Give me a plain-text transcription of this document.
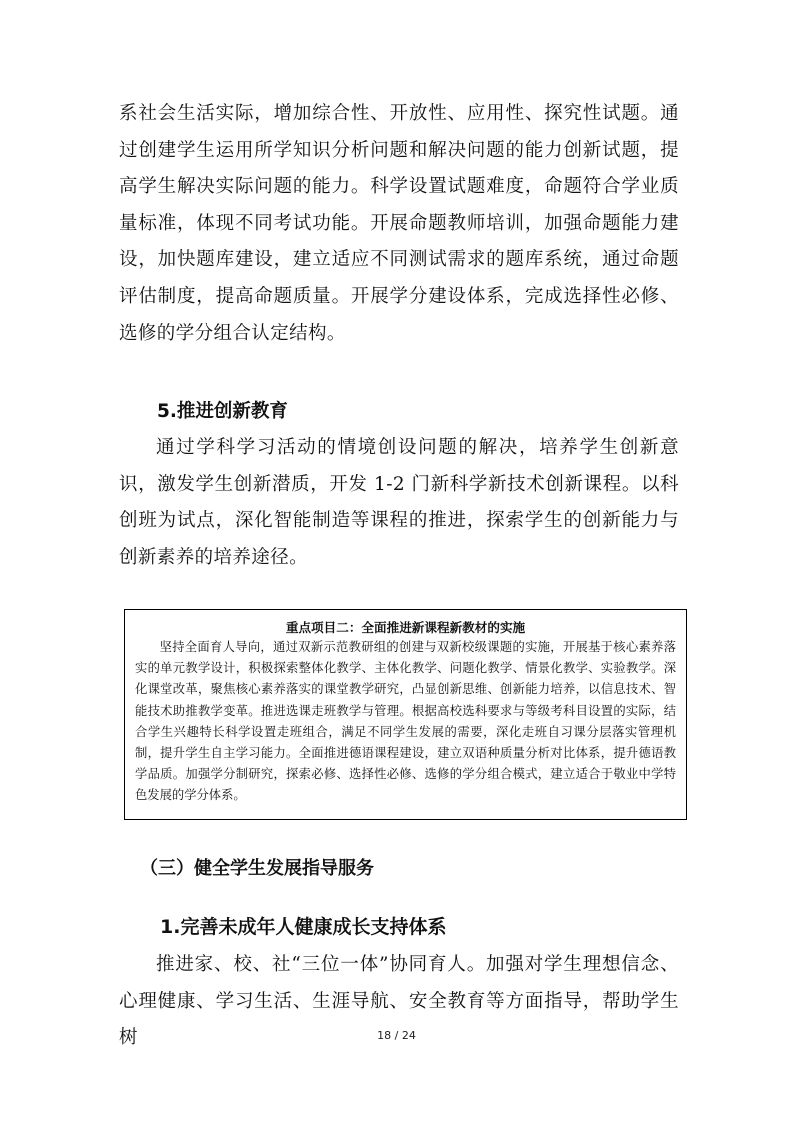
系社会生活实际，增加综合性、开放性、应用性、探究性试题。通过创建学生运用所学知识分析问题和解决问题的能力创新试题，提高学生解决实际问题的能力。科学设置试题难度，命题符合学业质量标准，体现不同考试功能。开展命题教师培训，加强命题能力建设，加快题库建设，建立适应不同测试需求的题库系统，通过命题评估制度，提高命题质量。开展学分建设体系，完成选择性必修、选修的学分组合认定结构。

5.推进创新教育

通过学科学习活动的情境创设问题的解决，培养学生创新意识，激发学生创新潜质，开发 1-2 门新科学新技术创新课程。以科创班为试点，深化智能制造等课程的推进，探索学生的创新能力与创新素养的培养途径。

重点项目二：全面推进新课程新教材的实施

坚持全面育人导向，通过双新示范教研组的创建与双新校级课题的实施，开展基于核心素养落实的单元教学设计，积极探索整体化教学、主体化教学、问题化教学、情景化教学、实验教学。深化课堂改革，聚焦核心素养落实的课堂教学研究，凸显创新思维、创新能力培养，以信息技术、智能技术助推教学变革。推进选课走班教学与管理。根据高校选科要求与等级考科目设置的实际，结合学生兴趣特长科学设置走班组合，满足不同学生发展的需要，深化走班自习课分层落实管理机制，提升学生自主学习能力。全面推进德语课程建设，建立双语种质量分析对比体系，提升德语教学品质。加强学分制研究，探索必修、选择性必修、选修的学分组合模式，建立适合于敬业中学特色发展的学分体系。

（三）健全学生发展指导服务
1.完善未成年人健康成长支持体系

推进家、校、社“三位一体”协同育人。加强对学生理想信念、心理健康、学习生活、生涯导航、安全教育等方面指导，帮助学生树	18 / 24
